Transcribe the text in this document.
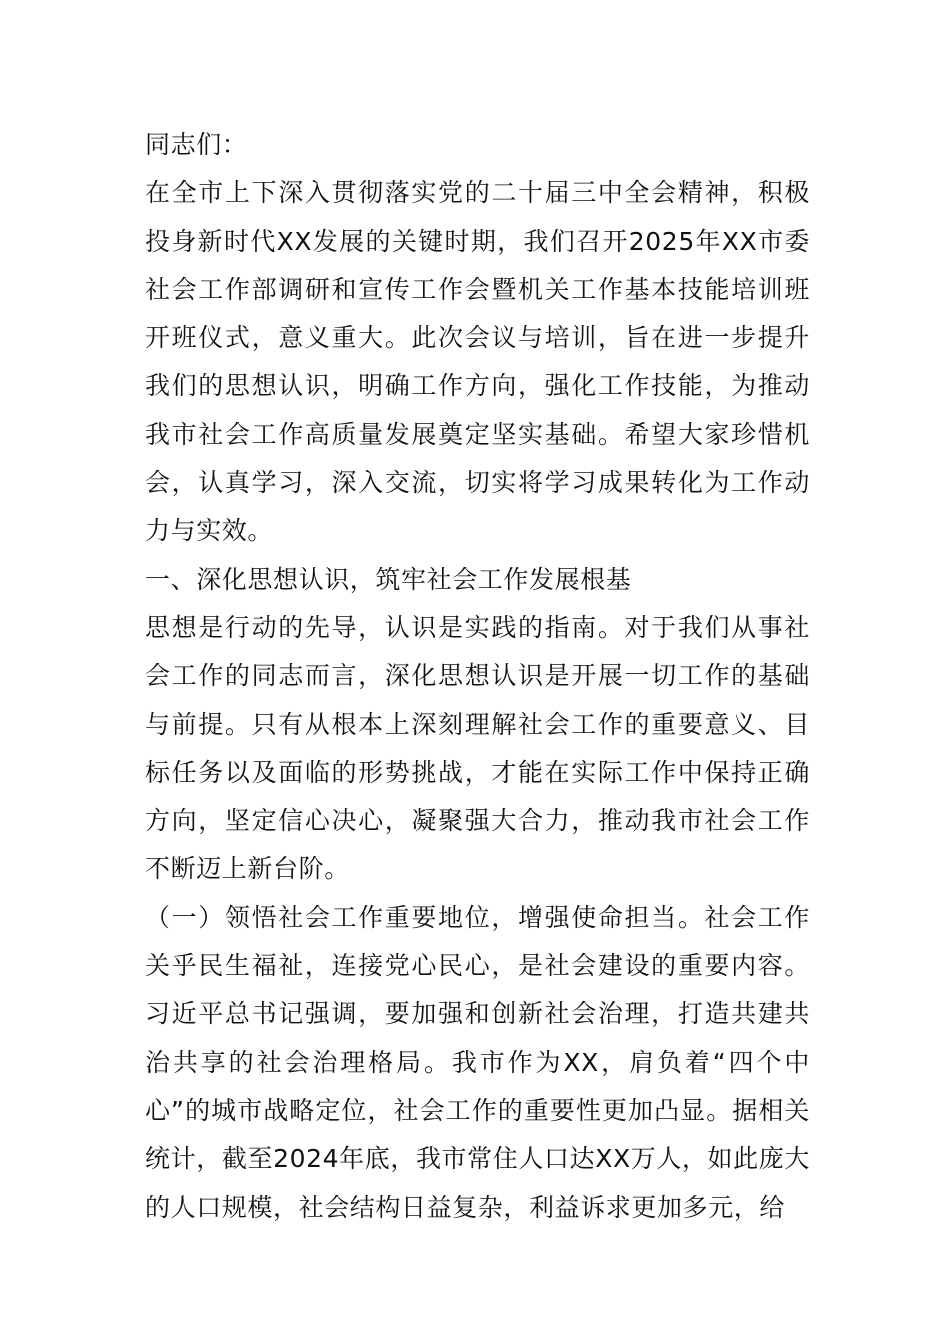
同志们：

在全市上下深入贯彻落实党的二十届三中全会精神，积极投身新时代XX发展的关键时期，我们召开2025年XX市委社会工作部调研和宣传工作会暨机关工作基本技能培训班开班仪式，意义重大。此次会议与培训，旨在进一步提升我们的思想认识，明确工作方向，强化工作技能，为推动我市社会工作高质量发展奠定坚实基础。希望大家珍惜机会，认真学习，深入交流，切实将学习成果转化为工作动力与实效。

一、深化思想认识，筑牢社会工作发展根基

思想是行动的先导，认识是实践的指南。对于我们从事社会工作的同志而言，深化思想认识是开展一切工作的基础与前提。只有从根本上深刻理解社会工作的重要意义、目标任务以及面临的形势挑战，才能在实际工作中保持正确方向，坚定信心决心，凝聚强大合力，推动我市社会工作不断迈上新台阶。

（一）领悟社会工作重要地位，增强使命担当。社会工作关乎民生福祉，连接党心民心，是社会建设的重要内容。习近平总书记强调，要加强和创新社会治理，打造共建共治共享的社会治理格局。我市作为XX，肩负着“四个中心”的城市战略定位，社会工作的重要性更加凸显。据相关统计，截至2024年底，我市常住人口达XX万人，如此庞大的人口规模，社会结构日益复杂，利益诉求更加多元，给
